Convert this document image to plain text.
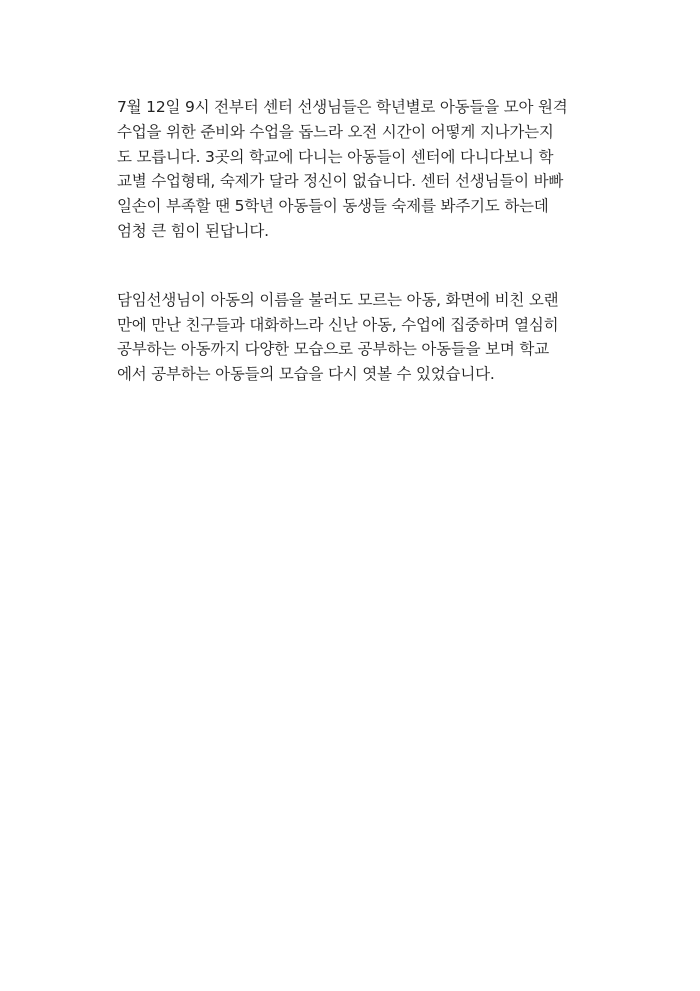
7월 12일 9시 전부터 센터 선생님들은 학년별로 아동들을 모아 원격
수업을 위한 준비와 수업을 돕느라 오전 시간이 어떻게 지나가는지
도 모릅니다. 3곳의 학교에 다니는 아동들이 센터에 다니다보니 학
교별 수업형태, 숙제가 달라 정신이 없습니다. 센터 선생님들이 바빠
일손이 부족할 땐 5학년 아동들이 동생들 숙제를 봐주기도 하는데
엄청 큰 힘이 된답니다.

담임선생님이 아동의 이름을 불러도 모르는 아동, 화면에 비친 오랜
만에 만난 친구들과 대화하느라 신난 아동, 수업에 집중하며 열심히
공부하는 아동까지 다양한 모습으로 공부하는 아동들을 보며 학교
에서 공부하는 아동들의 모습을 다시 엿볼 수 있었습니다.
